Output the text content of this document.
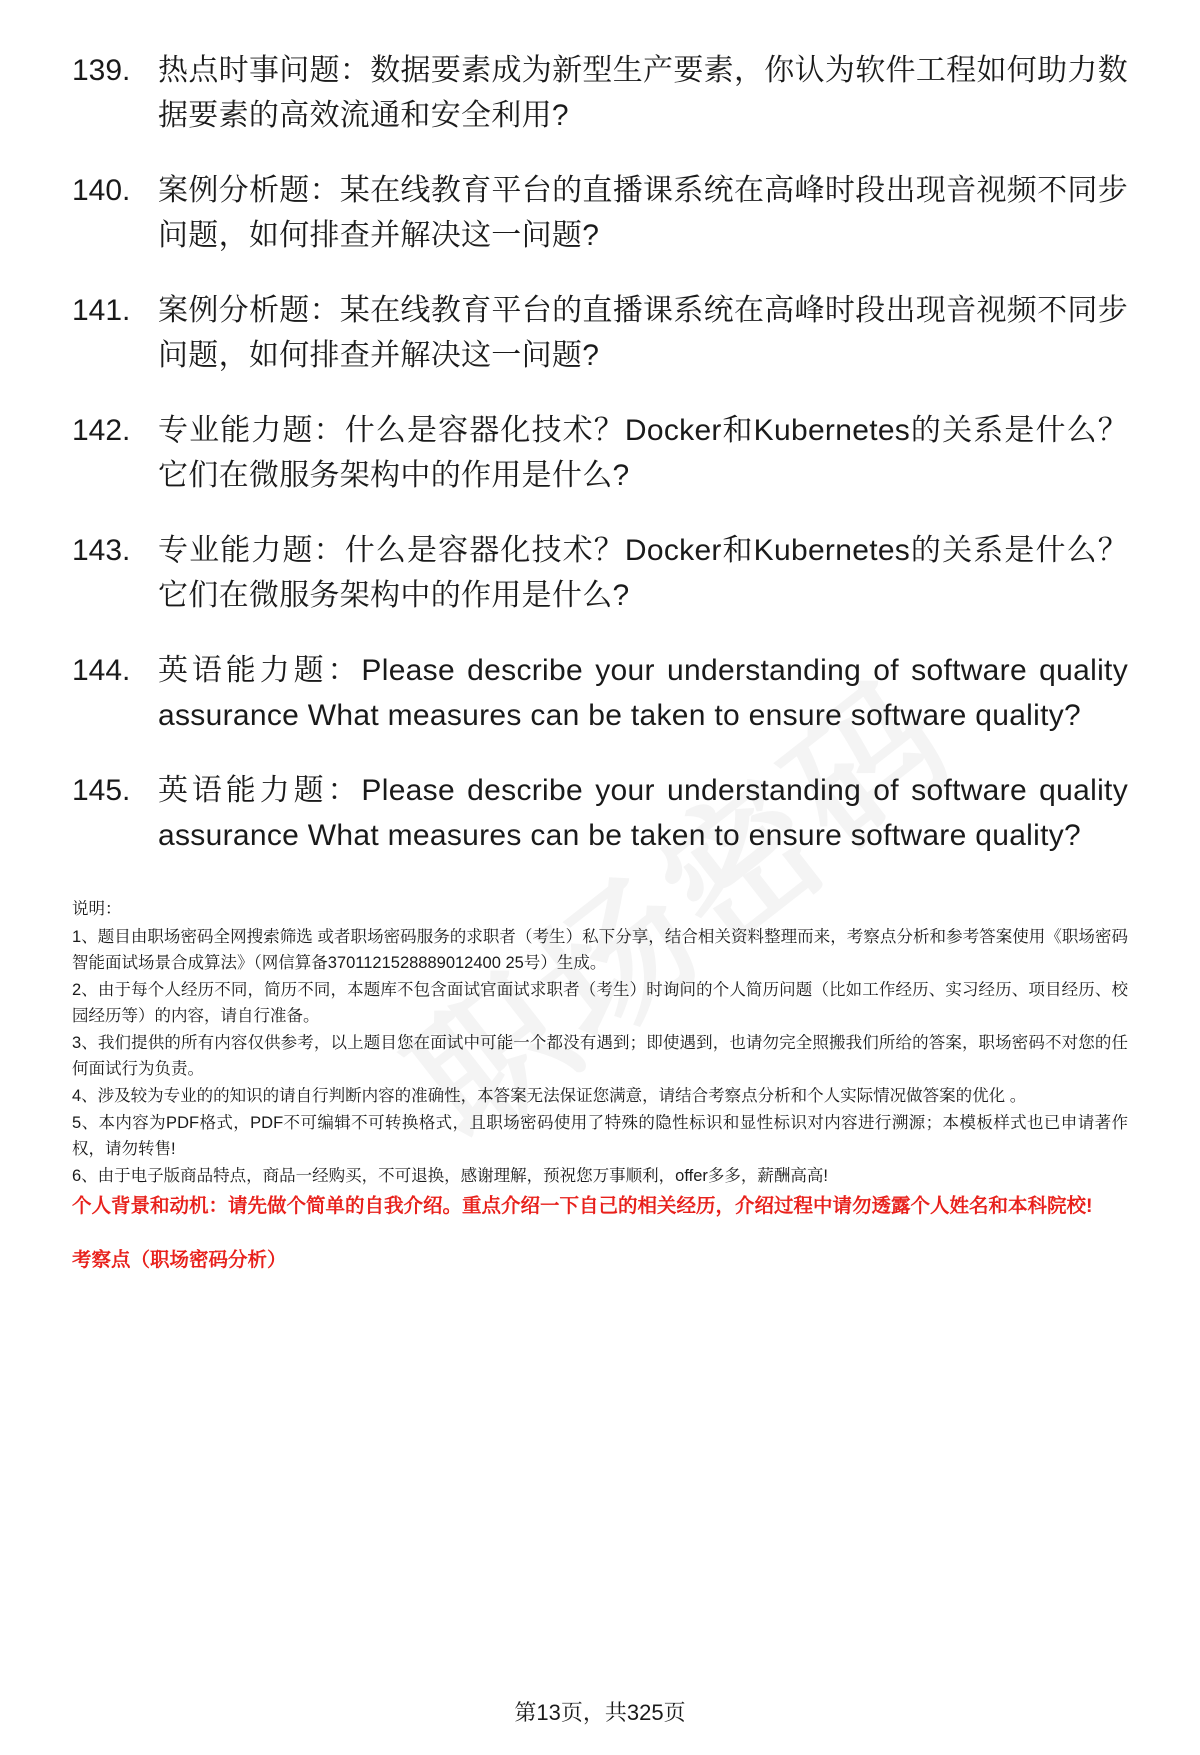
139. 热点时事问题：数据要素成为新型生产要素，你认为软件工程如何助力数据要素的高效流通和安全利用?
140. 案例分析题：某在线教育平台的直播课系统在高峰时段出现音视频不同步问题，如何排查并解决这一问题?
141. 案例分析题：某在线教育平台的直播课系统在高峰时段出现音视频不同步问题，如何排查并解决这一问题?
142. 专业能力题：什么是容器化技术？Docker和Kubernetes的关系是什么？它们在微服务架构中的作用是什么?
143. 专业能力题：什么是容器化技术？Docker和Kubernetes的关系是什么？它们在微服务架构中的作用是什么?
144. 英语能力题：Please describe your understanding of software quality assurance What measures can be taken to ensure software quality?
145. 英语能力题：Please describe your understanding of software quality assurance What measures can be taken to ensure software quality?

说明：

1、题目由职场密码全网搜索筛选 或者职场密码服务的求职者（考生）私下分享，结合相关资料整理而来，考察点分析和参考答案使用《职场密码智能面试场景合成算法》（网信算备3701121528889012400 25号）生成。

2、由于每个人经历不同，简历不同，本题库不包含面试官面试求职者（考生）时询问的个人简历问题（比如工作经历、实习经历、项目经历、校园经历等）的内容，请自行准备。

3、我们提供的所有内容仅供参考，以上题目您在面试中可能一个都没有遇到；即使遇到，也请勿完全照搬我们所给的答案，职场密码不对您的任何面试行为负责。

4、涉及较为专业的的知识的请自行判断内容的准确性，本答案无法保证您满意，请结合考察点分析和个人实际情况做答案的优化 。

5、本内容为PDF格式，PDF不可编辑不可转换格式，且职场密码使用了特殊的隐性标识和显性标识对内容进行溯源；本模板样式也已申请著作权，请勿转售!

6、由于电子版商品特点，商品一经购买，不可退换，感谢理解，预祝您万事顺利，offer多多，薪酬高高!

个人背景和动机：请先做个简单的自我介绍。重点介绍一下自己的相关经历，介绍过程中请勿透露个人姓名和本科院校!

考察点（职场密码分析）

第13页，共325页
